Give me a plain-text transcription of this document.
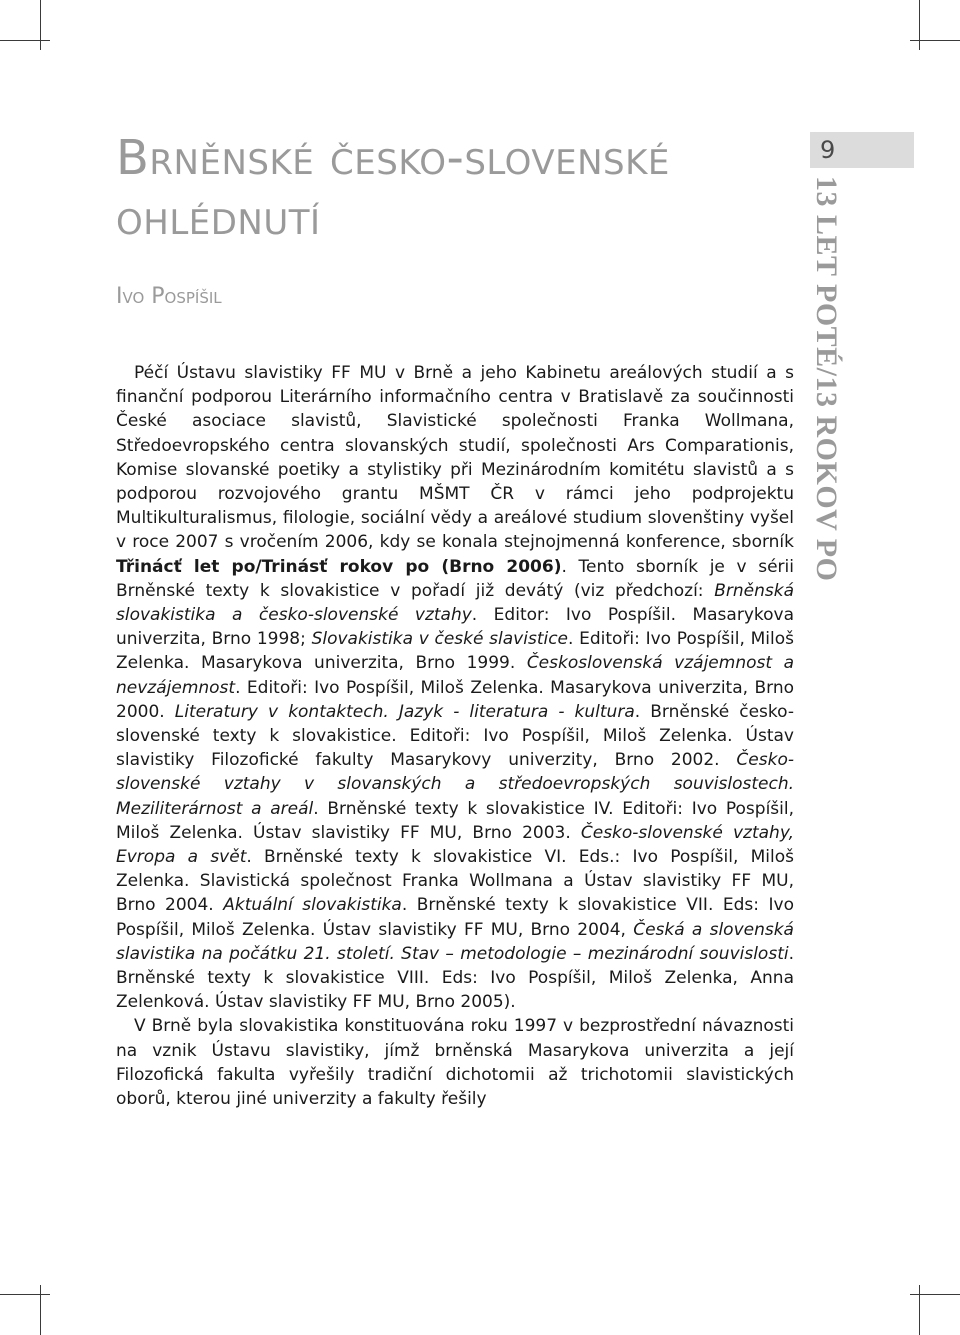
Brněnské česko-slovenské
ohlédnutí
Ivo Pospíšil
9
13 LET POTÉ/13 ROKOV PO

Péčí Ústavu slavistiky FF MU v Brně a jeho Kabinetu areálových studií a s finanční podporou Literárního informačního centra v Bratislavě za součinnosti České asociace slavistů, Slavistické společnosti Franka Wollmana, Středoevropského centra slovanských studií, společnosti Ars Comparationis, Komise slovanské poetiky a stylistiky při Mezinárodním komitétu slavistů a s podporou rozvojového grantu MŠMT ČR v rámci jeho podprojektu Multikulturalismus, filologie, sociální vědy a areálové studium slovenštiny vyšel v roce 2007 s vročením 2006, kdy se konala stejnojmenná konference, sborník Třinácť let po/Trinásť rokov po (Brno 2006). Tento sborník je v sérii Brněnské texty k slovakistice v pořadí již devátý (viz předchozí: Brněnská slovakistika a česko-slovenské vztahy. Editor: Ivo Pospíšil. Masarykova univerzita, Brno 1998; Slovakistika v české slavistice. Editoři: Ivo Pospíšil, Miloš Zelenka. Masarykova univerzita, Brno 1999. Československá vzájemnost a nevzájemnost. Editoři: Ivo Pospíšil, Miloš Zelenka. Masarykova univerzita, Brno 2000. Literatury v kontaktech. Jazyk - literatura - kultura. Brněnské česko-slovenské texty k slovakistice. Editoři: Ivo Pospíšil, Miloš Zelenka. Ústav slavistiky Filozofické fakulty Masarykovy univerzity, Brno 2002. Česko-slovenské vztahy v slovanských a středoevropských souvislostech. Meziliterárnost a areál. Brněnské texty k slovakistice IV. Editoři: Ivo Pospíšil, Miloš Zelenka. Ústav slavistiky FF MU, Brno 2003. Česko-slovenské vztahy, Evropa a svět. Brněnské texty k slovakistice VI. Eds.: Ivo Pospíšil, Miloš Zelenka. Slavistická společnost Franka Wollmana a Ústav slavistiky FF MU, Brno 2004. Aktuální slovakistika. Brněnské texty k slovakistice VII. Eds: Ivo Pospíšil, Miloš Zelenka. Ústav slavistiky FF MU, Brno 2004, Česká a slovenská slavistika na počátku 21. století. Stav – metodologie – mezinárodní souvislosti. Brněnské texty k slovakistice VIII. Eds: Ivo Pospíšil, Miloš Zelenka, Anna Zelenková. Ústav slavistiky FF MU, Brno 2005).

V Brně byla slovakistika konstituována roku 1997 v bezprostřední návaznosti na vznik Ústavu slavistiky, jímž brněnská Masarykova univerzita a její Filozofická fakulta vyřešily tradiční dichotomii až trichotomii slavistických oborů, kterou jiné univerzity a fakulty řešily
